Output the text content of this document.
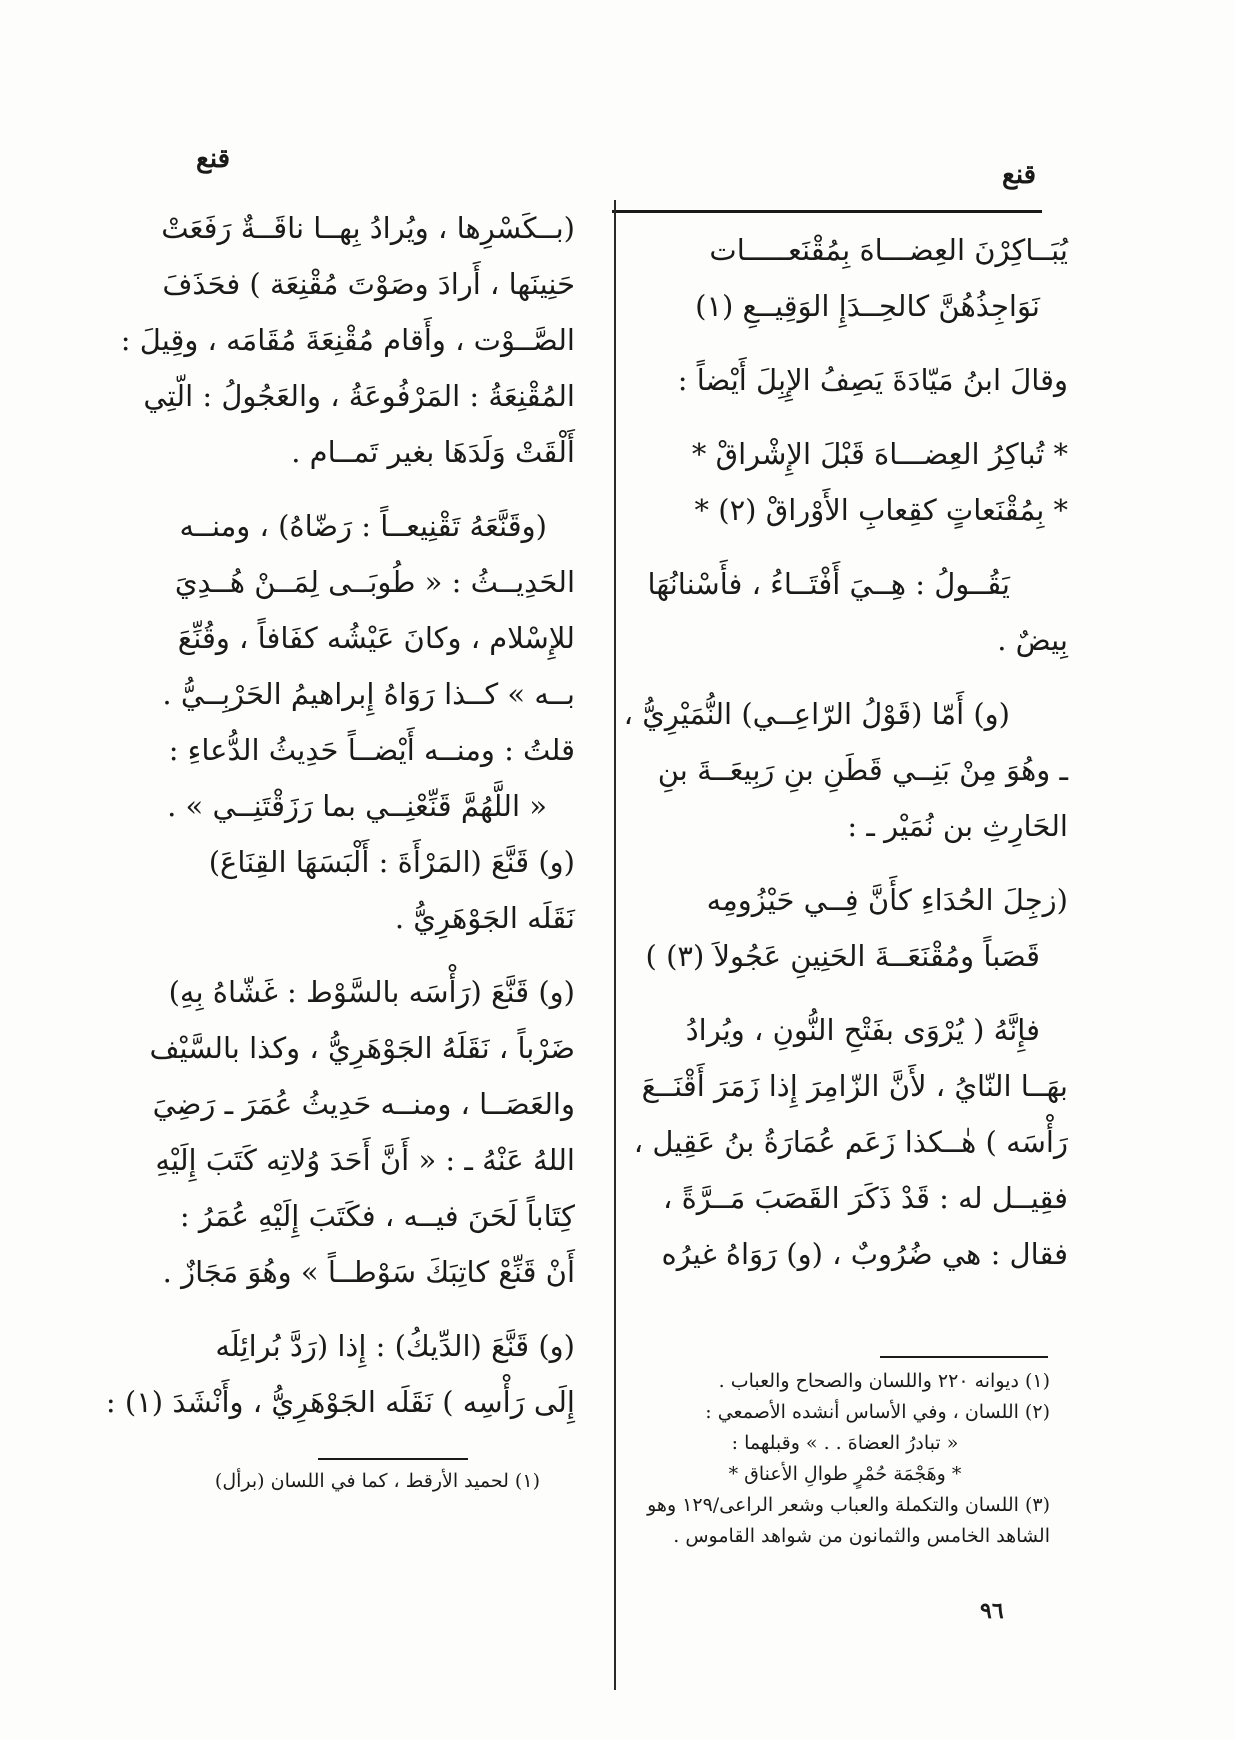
قنع
قنع
يُبَــاكِرْنَ العِضـــاهَ بِمُقْنَعـــــات
نَوَاجِذُهُنَّ كالحِــدَإِ الوَقِيــعِ (١)
وقالَ ابنُ مَيّادَةَ يَصِفُ الإِبِلَ أَيْضاً :
* تُباكِرُ العِضـــاهَ قَبْلَ الإِشْراقْ *
* بِمُقْنَعاتٍ كقِعابِ الأَوْراقْ (٢) *
يَقُــولُ : هِــيَ أَفْتَــاءُ ، فأَسْنانُهَا
بِيضٌ .
(و) أَمّا (قَوْلُ الرّاعِــي) النُّمَيْرِيُّ ،
ـ وهُوَ مِنْ بَنِــي قَطَنِ بنِ رَبِيعَــةَ بنِ
الحَارِثِ بن نُمَيْر ـ :
(زجِلَ الحُدَاءِ كأَنَّ فِــي حَيْزُومِه
قَصَباً ومُقْنَعَــةَ الحَنِينِ عَجُولاَ (٣) )
فإِنَّهُ ( يُرْوَى بفَتْحِ النُّونِ ، ويُرادُ
بهَــا النّايُ ، لأَنَّ الزّامِرَ إِذا زَمَرَ أَقْنَــعَ
رَأْسَه ) هٰــكذا زَعَم عُمَارَةُ بنُ عَقِيل ،
فقِيــل له : قَدْ ذَكَرَ القَصَبَ مَــرَّةً ،
فقال : هي ضُرُوبٌ ، (و) رَوَاهُ غيرُه
(بــكَسْرِها ، ويُرادُ بِهــا ناقَــةٌ رَفَعَتْ
حَنِينَها ، أَرادَ وصَوْتَ مُقْنِعَة ) فحَذَفَ
الصَّــوْت ، وأَقام مُقْنِعَةَ مُقَامَه ، وقِيلَ :
المُقْنِعَةُ : المَرْفُوعَةُ ، والعَجُولُ : الّتِي
أَلْقَتْ وَلَدَهَا بغير تَمــام .
(وقَنَّعَهُ تَقْنِيعــاً : رَضّاهُ) ، ومنــه
الحَدِيــثُ : « طُوبَــى لِمَــنْ هُــدِيَ
للإِسْلام ، وكانَ عَيْشُه كفَافاً ، وقُنِّعَ
بــه » كــذا رَوَاهُ إِبراهيمُ الحَرْبِــيُّ .
قلتُ : ومنــه أَيْضــاً حَدِيثُ الدُّعاءِ :
« اللَّهُمَّ قَنِّعْنِــي بما رَزَقْتَنِــي » .
(و) قَنَّعَ (المَرْأَةَ : أَلْبَسَهَا القِنَاعَ)
نَقَلَه الجَوْهَرِيُّ .
(و) قَنَّعَ (رَأْسَه بالسَّوْط : غَشّاهُ بِهِ)
ضَرْباً ، نَقَلَهُ الجَوْهَرِيُّ ، وكذا بالسَّيْف
والعَصَــا ، ومنــه حَدِيثُ عُمَرَ ـ رَضِيَ
اللهُ عَنْهُ ـ : « أَنَّ أَحَدَ وُلاتِه كَتَبَ إِلَيْهِ
كِتَاباً لَحَنَ فيــه ، فكَتَبَ إِلَيْهِ عُمَرُ :
أَنْ قَنِّعْ كاتِبَكَ سَوْطــاً » وهُوَ مَجَازٌ .
(و) قَنَّعَ (الدِّيكُ) : إِذا (رَدَّ بُرائِلَه
إِلَى رَأْسِه ) نَقَلَه الجَوْهَرِيُّ ، وأَنْشَدَ (١) :
(١) ديوانه ٢٢٠ واللسان والصحاح والعباب .
(٢) اللسان ، وفي الأساس أنشده الأصمعي :
« تبادرُ العضاهَ . . » وقبلهما :
* وهَجْمَة حُمْرٍ طوالِ الأعناق *
(٣) اللسان والتكملة والعباب وشعر الراعى/١٢٩ وهو
الشاهد الخامس والثمانون من شواهد القاموس .
(١) لحميد الأرقط ، كما في اللسان (برأل)
٩٦
